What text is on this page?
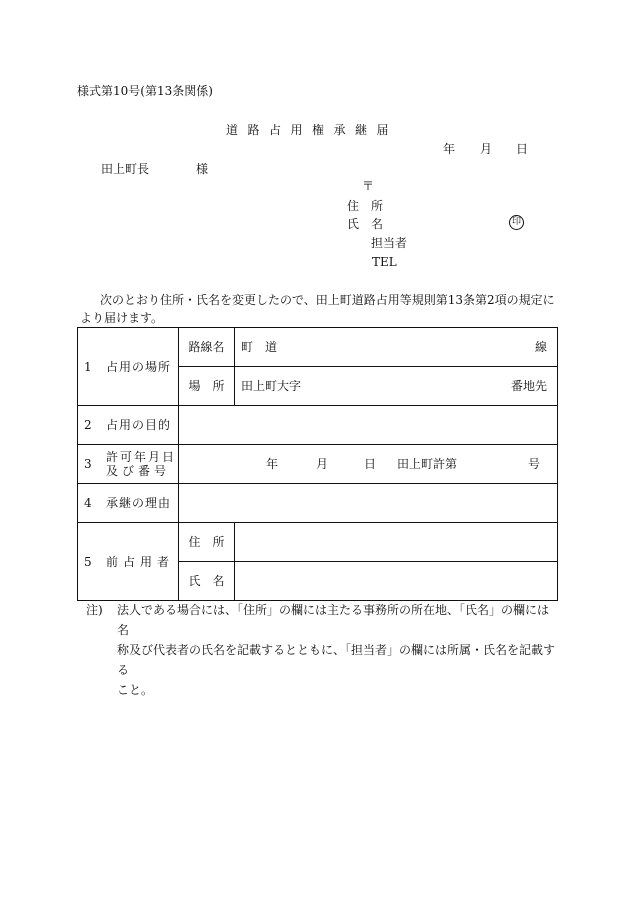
様式第10号(第13条関係)
道路占用権承継届
年 月 日
田上町長	様
〒
住　所
氏　名	印
担当者
TEL
次のとおり住所・氏名を変更したので、田上町道路占用等規則第13条第2項の規定に
より届けます。
1 占用の場所	路線名	町　道 線

	場　所	田上町大字 番地先

2 占用の目的		
3 許可年月日
及び番号	年 月 日 田上町許第 号	

4 承継の理由		
5 前占用者	住　所	
	氏　名	
注) 法人である場合には、「住所」の欄には主たる事務所の所在地、「氏名」の欄には名
称及び代表者の氏名を記載するとともに、「担当者」の欄には所属・氏名を記載する
こと。
